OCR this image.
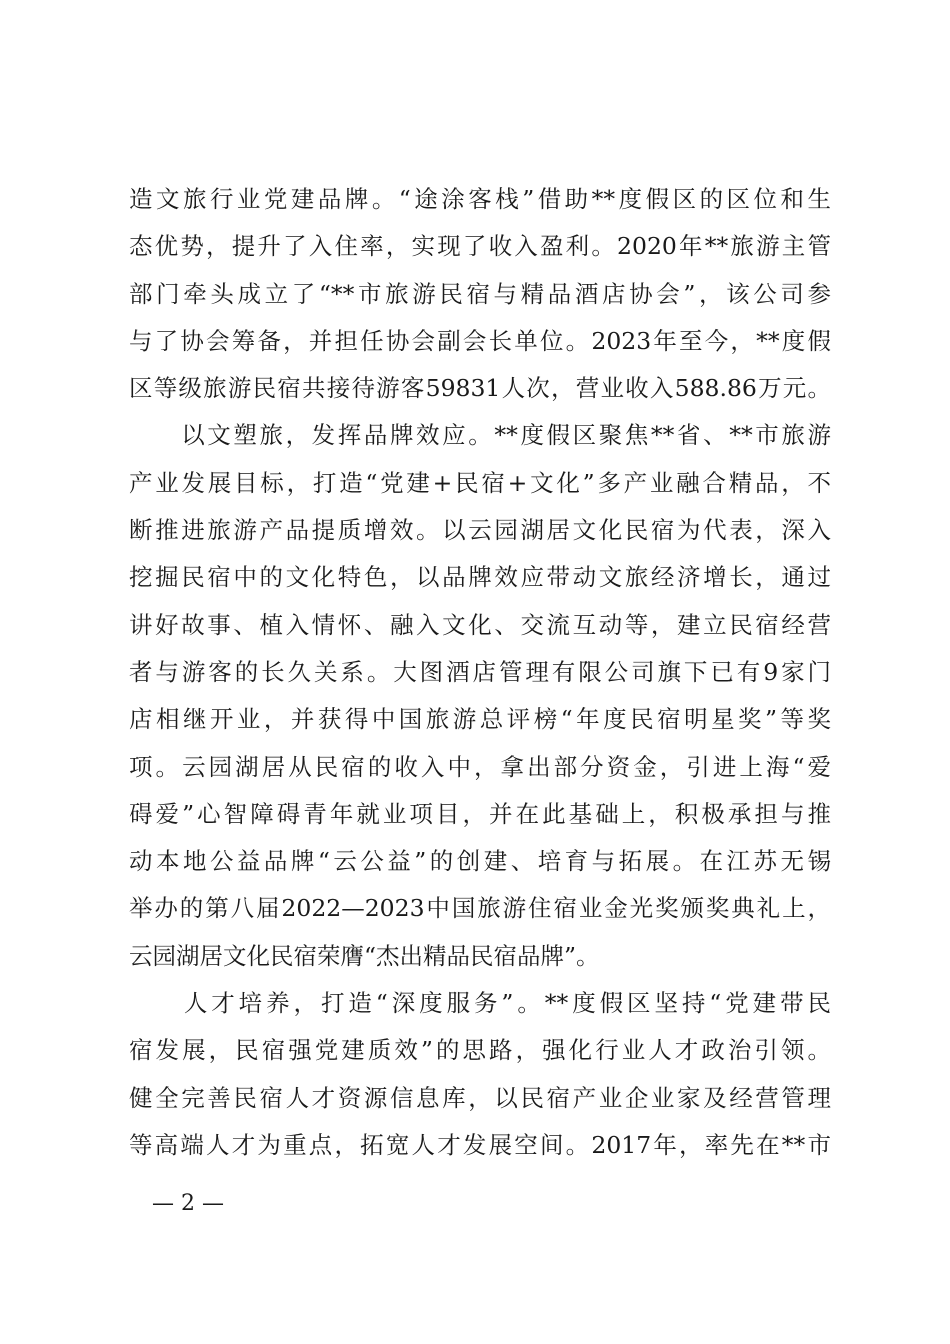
造文旅行业党建品牌。“途涂客栈”借助**度假区的区位和生
态优势，提升了入住率，实现了收入盈利。2020年**旅游主管
部门牵头成立了“**市旅游民宿与精品酒店协会”，该公司参
与了协会筹备，并担任协会副会长单位。2023年至今，**度假
区等级旅游民宿共接待游客59831人次，营业收入588.86万元。
　　以文塑旅，发挥品牌效应。**度假区聚焦**省、**市旅游
产业发展目标，打造“党建+民宿+文化”多产业融合精品，不
断推进旅游产品提质增效。以云园湖居文化民宿为代表，深入
挖掘民宿中的文化特色，以品牌效应带动文旅经济增长，通过
讲好故事、植入情怀、融入文化、交流互动等，建立民宿经营
者与游客的长久关系。大图酒店管理有限公司旗下已有9家门
店相继开业，并获得中国旅游总评榜“年度民宿明星奖”等奖
项。云园湖居从民宿的收入中，拿出部分资金，引进上海“爱
碍爱”心智障碍青年就业项目，并在此基础上，积极承担与推
动本地公益品牌“云公益”的创建、培育与拓展。在江苏无锡
举办的第八届2022—2023中国旅游住宿业金光奖颁奖典礼上，
云园湖居文化民宿荣膺“杰出精品民宿品牌”。
　　人才培养，打造“深度服务”。**度假区坚持“党建带民
宿发展，民宿强党建质效”的思路，强化行业人才政治引领。
健全完善民宿人才资源信息库，以民宿产业企业家及经营管理
等高端人才为重点，拓宽人才发展空间。2017年，率先在**市
— 2 —
